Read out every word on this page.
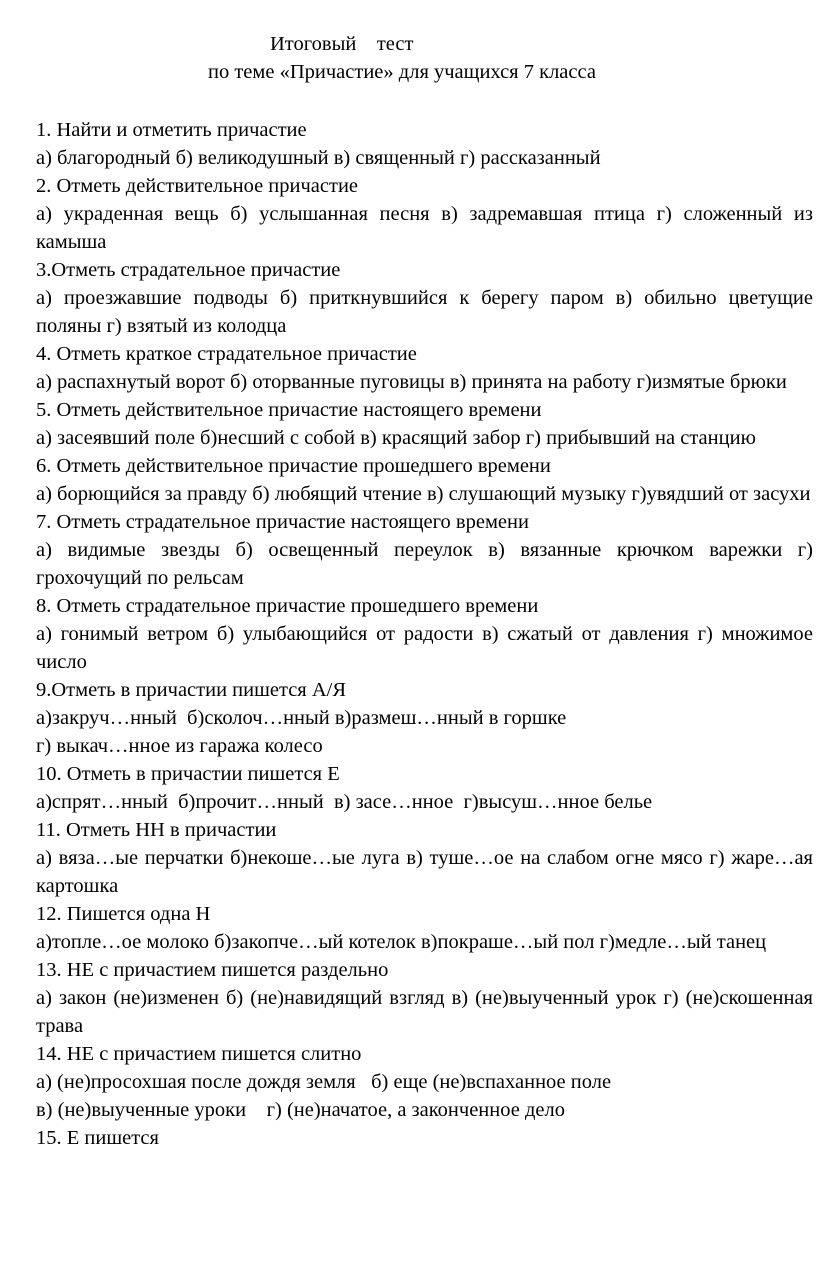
Итоговый    тест
по теме «Причастие» для учащихся 7 класса
1. Найти и отметить причастие
а) благородный б) великодушный в) священный г) рассказанный
2. Отметь действительное причастие
а) украденная вещь б) услышанная песня в) задремавшая птица г) сложенный из камыша
3.Отметь страдательное причастие
а) проезжавшие подводы б) приткнувшийся к берегу паром в) обильно цветущие поляны г) взятый из колодца
4. Отметь краткое страдательное причастие
а) распахнутый ворот б) оторванные пуговицы в) принята на работу г)измятые брюки
5. Отметь действительное причастие настоящего времени
а) засеявший поле б)несший с собой в) красящий забор г) прибывший на станцию
6. Отметь действительное причастие прошедшего времени
а) борющийся за правду б) любящий чтение в) слушающий музыку г)увядший от засухи
7. Отметь страдательное причастие настоящего времени
а) видимые звезды б) освещенный переулок в) вязанные крючком варежки г) грохочущий по рельсам
8. Отметь страдательное причастие прошедшего времени
а) гонимый ветром б) улыбающийся от радости в) сжатый от давления г) множимое число
9.Отметь в причастии пишется А/Я
а)закруч…нный  б)сколоч…нный в)размеш…нный в горшке
г) выкач…нное из гаража колесо
10. Отметь в причастии пишется Е
а)спрят…нный  б)прочит…нный  в) засе…нное  г)высуш…нное белье
11. Отметь НН в причастии
а) вяза…ые перчатки б)некоше…ые луга в) туше…ое на слабом огне мясо г) жаре…ая картошка
12. Пишется одна Н
а)топле…ое молоко б)закопче…ый котелок в)покраше…ый пол г)медле…ый танец
13. НЕ с причастием пишется раздельно
а) закон (не)изменен б) (не)навидящий взгляд в) (не)выученный урок г) (не)скошенная трава
14. НЕ с причастием пишется слитно
а) (не)просохшая после дождя земля   б) еще (не)вспаханное поле
в) (не)выученные уроки    г) (не)начатое, а законченное дело
15. Е пишется
